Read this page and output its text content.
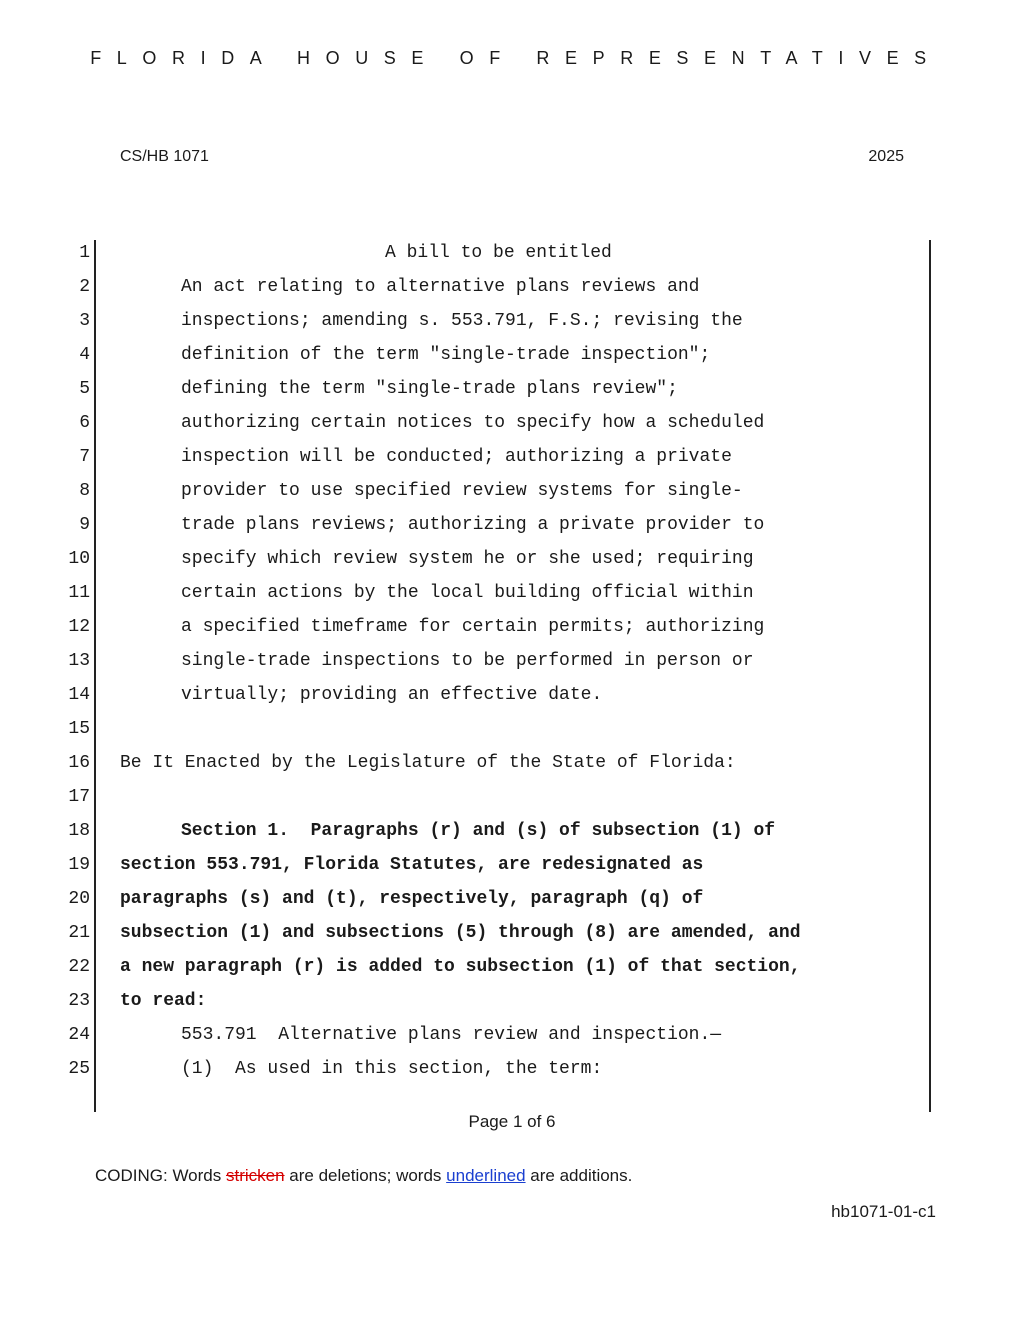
FLORIDA HOUSE OF REPRESENTATIVES
CS/HB 1071	2025
1	A bill to be entitled
2	An act relating to alternative plans reviews and
3	inspections; amending s. 553.791, F.S.; revising the
4	definition of the term "single-trade inspection";
5	defining the term "single-trade plans review";
6	authorizing certain notices to specify how a scheduled
7	inspection will be conducted; authorizing a private
8	provider to use specified review systems for single-
9	trade plans reviews; authorizing a private provider to
10	specify which review system he or she used; requiring
11	certain actions by the local building official within
12	a specified timeframe for certain permits; authorizing
13	single-trade inspections to be performed in person or
14	virtually; providing an effective date.
15
16 Be It Enacted by the Legislature of the State of Florida:
17
18	Section 1.  Paragraphs (r) and (s) of subsection (1) of
19 section 553.791, Florida Statutes, are redesignated as
20 paragraphs (s) and (t), respectively, paragraph (q) of
21 subsection (1) and subsections (5) through (8) are amended, and
22 a new paragraph (r) is added to subsection (1) of that section,
23 to read:
24	553.791  Alternative plans review and inspection.—
25	(1)  As used in this section, the term:
Page 1 of 6
CODING: Words stricken are deletions; words underlined are additions.
hb1071-01-c1
